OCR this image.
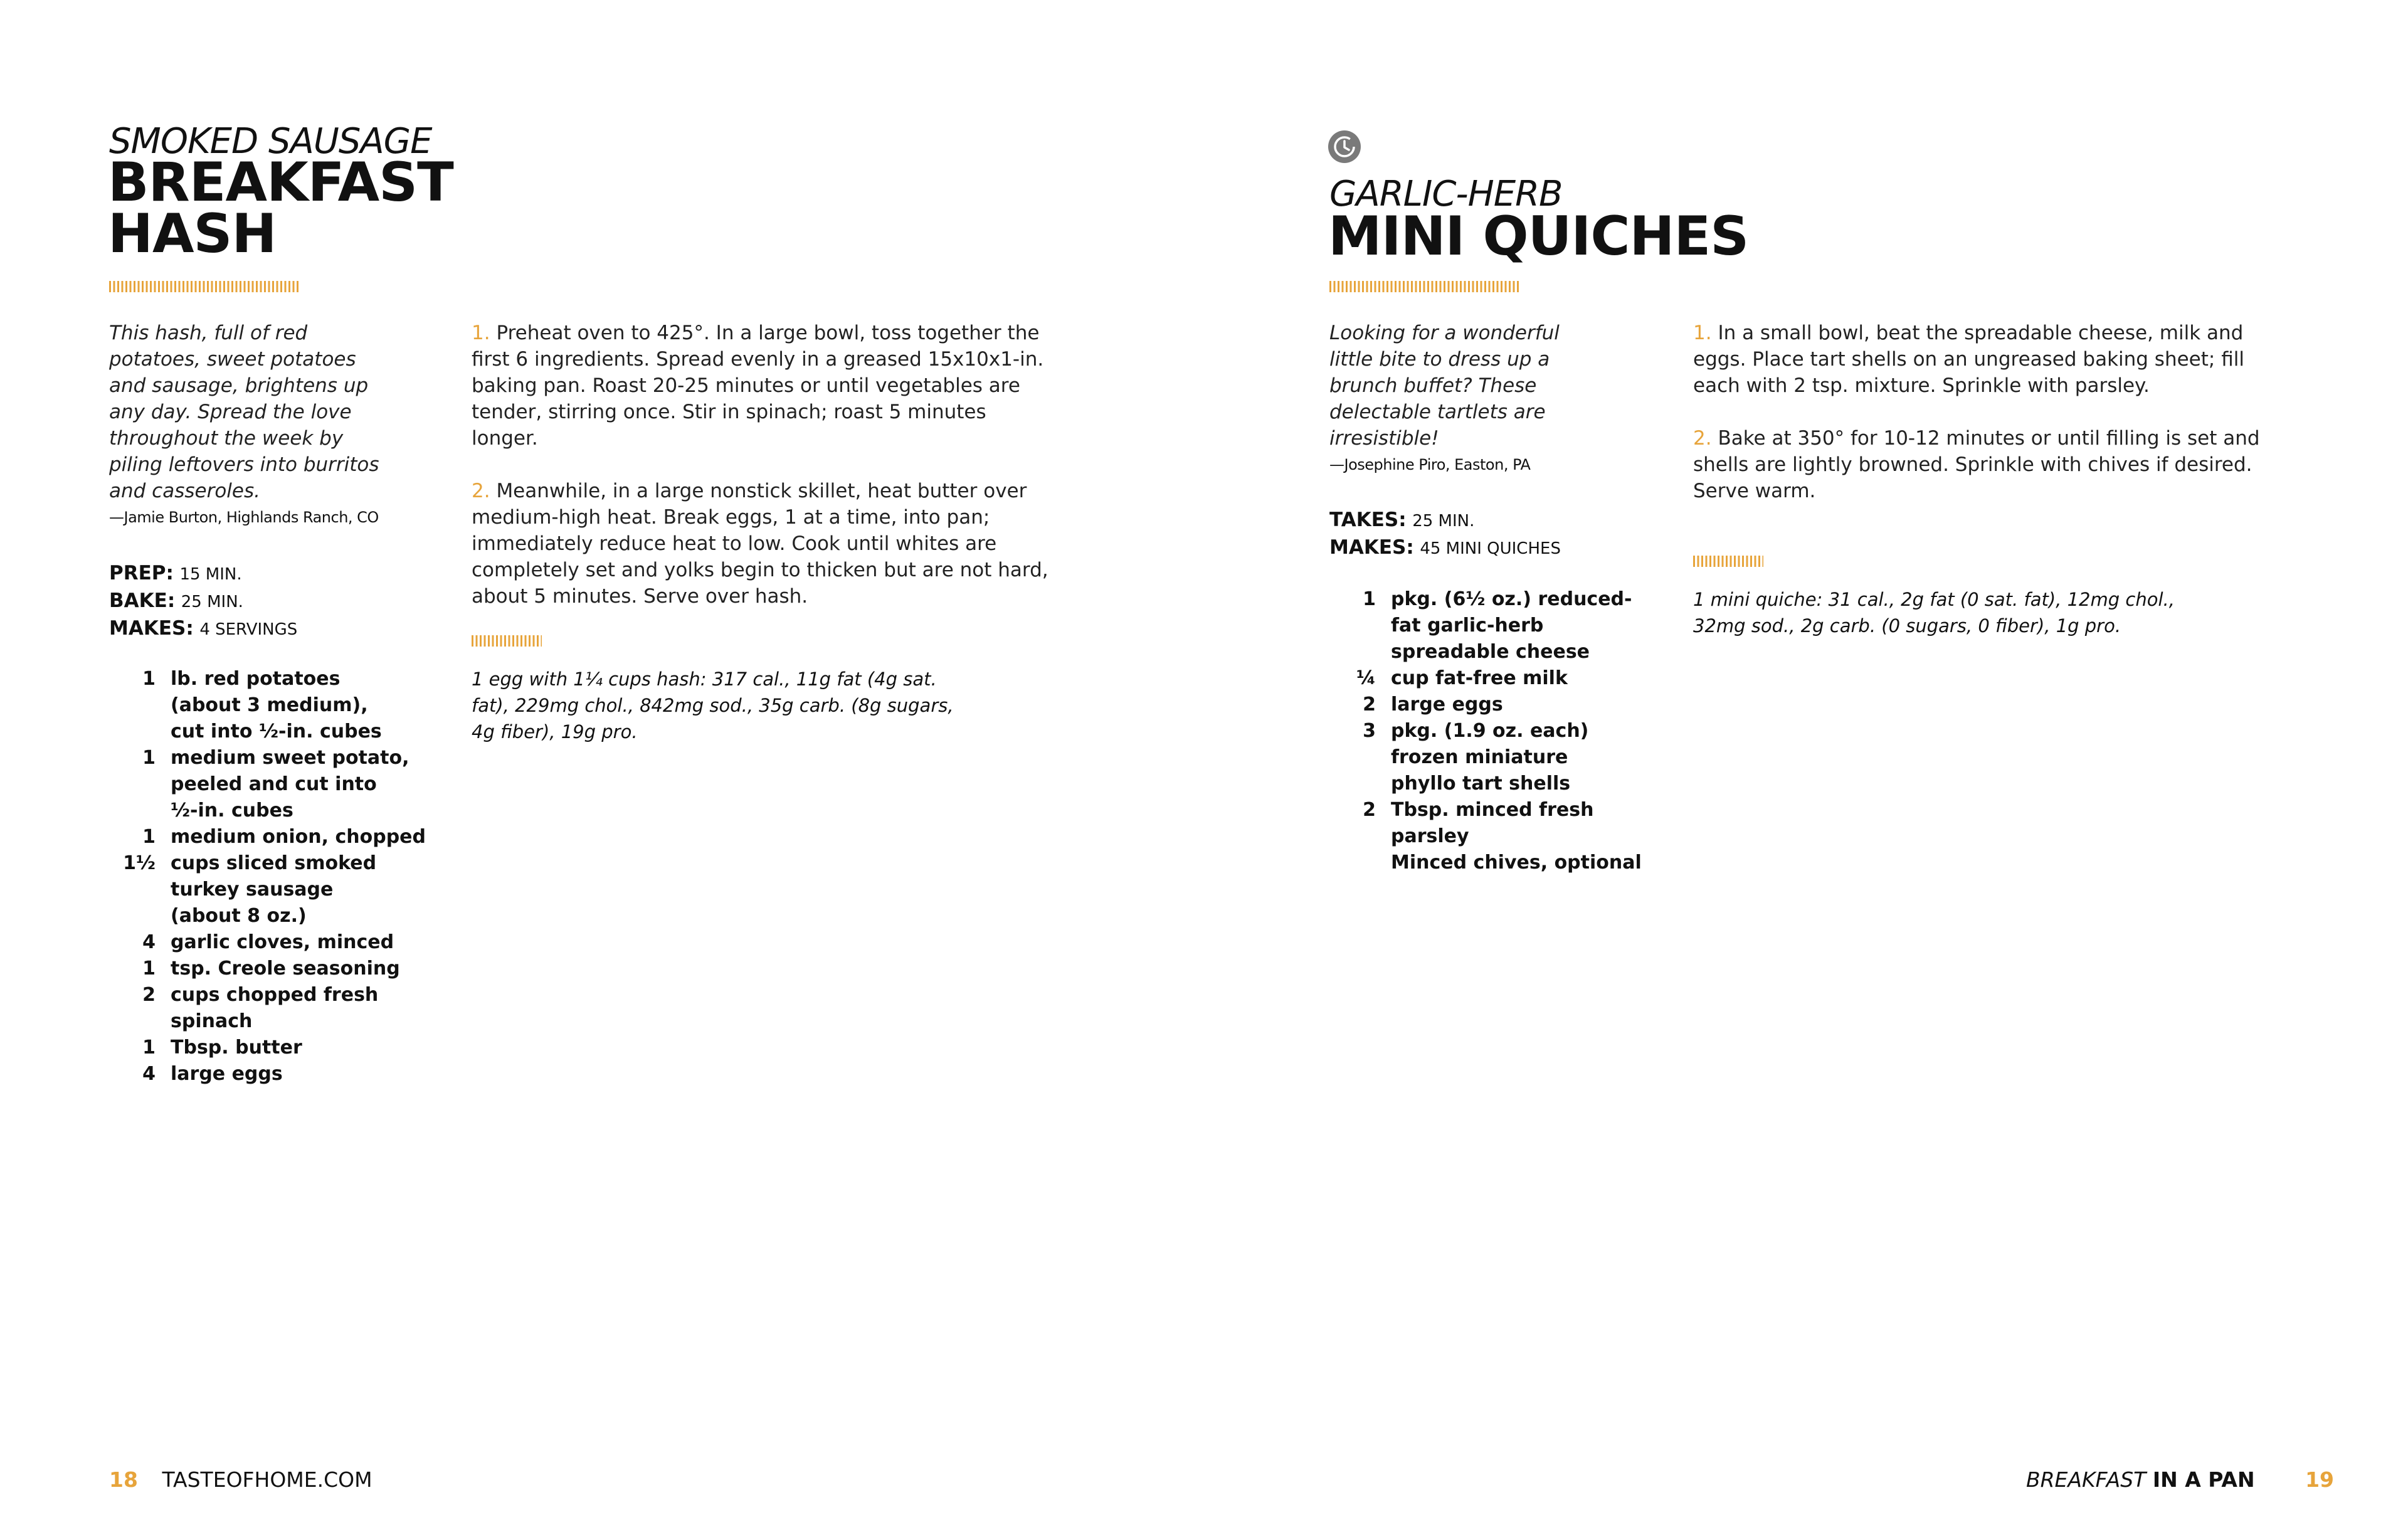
SMOKED SAUSAGE
BREAKFAST
HASH
This hash, full of red potatoes, sweet potatoes and sausage, brightens up any day. Spread the love throughout the week by piling leftovers into burritos and casseroles.
—Jamie Burton, Highlands Ranch, CO
PREP: 15 MIN.
BAKE: 25 MIN.
MAKES: 4 SERVINGS
1 lb. red potatoes
(about 3 medium),
cut into ½-in. cubes
1 medium sweet potato,
peeled and cut into
½-in. cubes
1 medium onion, chopped
1½ cups sliced smoked
turkey sausage
(about 8 oz.)
4 garlic cloves, minced
1 tsp. Creole seasoning
2 cups chopped fresh
spinach
1 Tbsp. butter
4 large eggs
1. Preheat oven to 425°. In a large bowl, toss together the first 6 ingredients. Spread evenly in a greased 15x10x1-in. baking pan. Roast 20-25 minutes or until vegetables are tender, stirring once. Stir in spinach; roast 5 minutes longer.
2. Meanwhile, in a large nonstick skillet, heat butter over medium-high heat. Break eggs, 1 at a time, into pan; immediately reduce heat to low. Cook until whites are completely set and yolks begin to thicken but are not hard, about 5 minutes. Serve over hash.
1 egg with 1¼ cups hash: 317 cal., 11g fat (4g sat. fat), 229mg chol., 842mg sod., 35g carb. (8g sugars, 4g fiber), 19g pro.
GARLIC-HERB
MINI QUICHES
Looking for a wonderful little bite to dress up a brunch buffet? These delectable tartlets are irresistible!
—Josephine Piro, Easton, PA
TAKES: 25 MIN.
MAKES: 45 MINI QUICHES
1 pkg. (6½ oz.) reduced-
fat garlic-herb
spreadable cheese
¼ cup fat-free milk
2 large eggs
3 pkg. (1.9 oz. each)
frozen miniature
phyllo tart shells
2 Tbsp. minced fresh
parsley
Minced chives, optional
1. In a small bowl, beat the spreadable cheese, milk and eggs. Place tart shells on an ungreased baking sheet; fill each with 2 tsp. mixture. Sprinkle with parsley.
2. Bake at 350° for 10-12 minutes or until filling is set and shells are lightly browned. Sprinkle with chives if desired. Serve warm.
1 mini quiche: 31 cal., 2g fat (0 sat. fat), 12mg chol., 32mg sod., 2g carb. (0 sugars, 0 fiber), 1g pro.
18 TASTEOFHOME.COM	BREAKFAST IN A PAN 19
